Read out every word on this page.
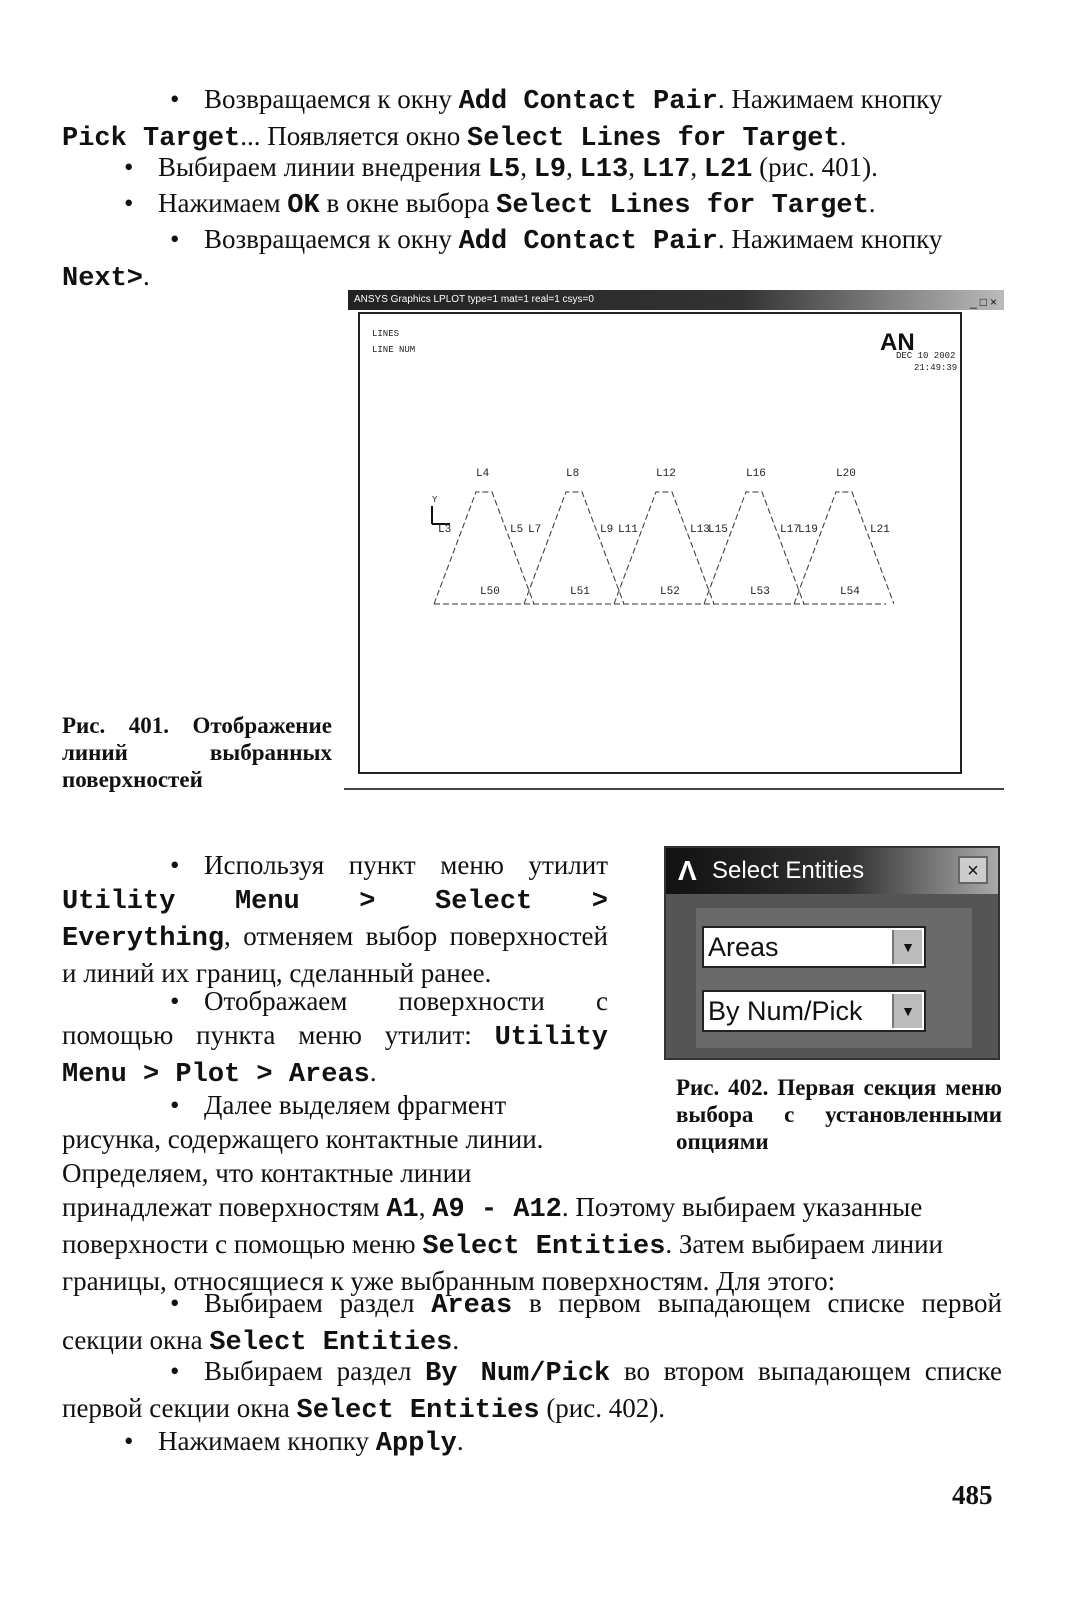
• Возвращаемся к окну Add Contact Pair. Нажимаем кнопку
Pick Target... Появляется окно Select Lines for Target.
• Выбираем линии внедрения L5, L9, L13, L17, L21 (рис. 401).
• Нажимаем OK в окне выбора Select Lines for Target.
• Возвращаемся к окну Add Contact Pair. Нажимаем кнопку
Next>.
ANSYS Graphics LPLOT type=1 mat=1 real=1 csys=0	_□×
LINES
LINE NUM
DEC 10 2002
21:49:39
Y
AN
L4
L3	L5
L50
L8
L7	L9
L51
L12
L11	L13
L52
L16
L15	L17
L53
L20
L19	L21
L54
Рис. 401. Отображение линий выбранных поверхностей
• Используя пункт меню утилит Utility Menu > Select > Everything, отменяем выбор поверхностей и линий их границ, сделанный ранее.
• Отображаем поверхности с помощью пункта меню утилит: Utility Menu > Plot > Areas.
• Далее выделяем фрагмент рисунка, содержащего контактные линии. Определяем, что контактные линии принадлежат поверхностям A1, A9 - A12. Поэтому выбираем указанные поверхности с помощью меню Select Entities. Затем выбираем линии границы, относящиеся к уже выбранным поверхностям. Для этого:
Λ Select Entities	×
Areas	▼
By Num/Pick	▼
Рис. 402. Первая секция меню выбора с установленными опциями
• Выбираем раздел Areas в первом выпадающем списке первой секции окна Select Entities.
• Выбираем раздел By Num/Pick во втором выпадающем списке первой секции окна Select Entities (рис. 402).
• Нажимаем кнопку Apply.
485
